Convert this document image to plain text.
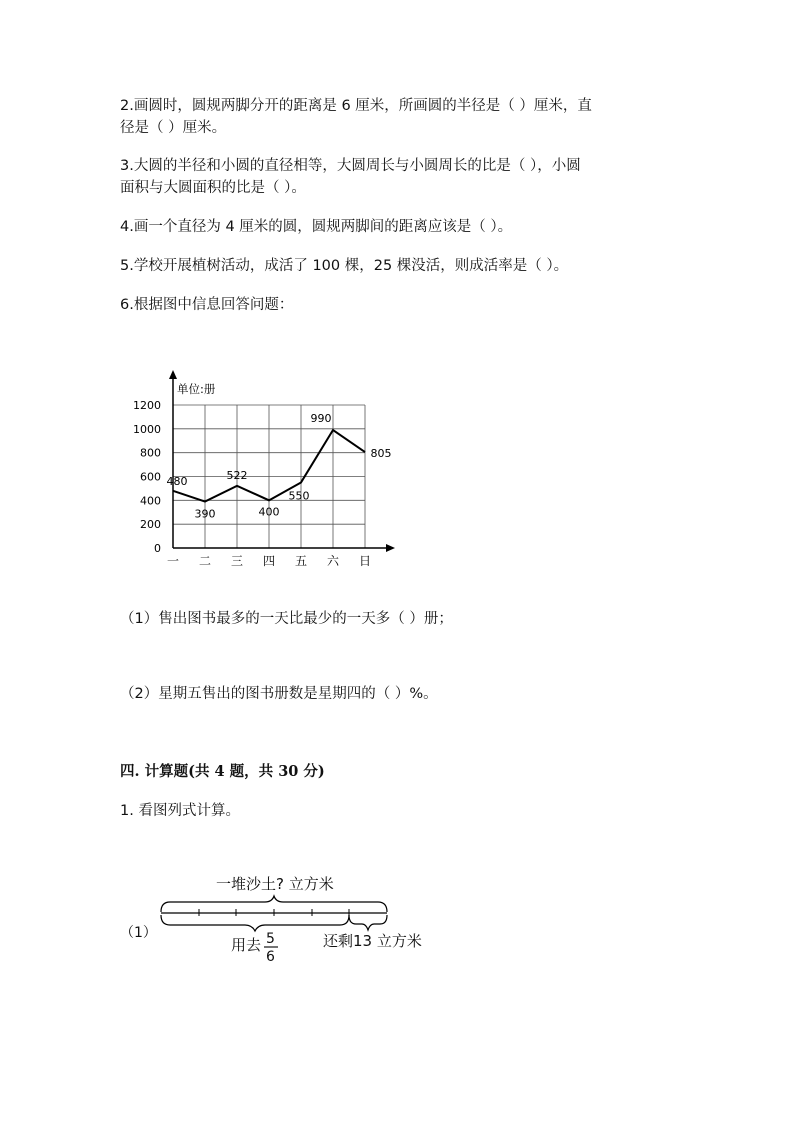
2.画圆时，圆规两脚分开的距离是 6 厘米，所画圆的半径是（ ）厘米，直
径是（ ）厘米。
3.大圆的半径和小圆的直径相等，大圆周长与小圆周长的比是（ ），小圆
面积与大圆面积的比是（ ）。
4.画一个直径为 4 厘米的圆，圆规两脚间的距离应该是（ ）。
5.学校开展植树活动，成活了 100 棵，25 棵没活，则成活率是（ ）。
6.根据图中信息回答问题：
单位:册
0
200
400
600
800
1000
1200
一 二 三 四 五 六 日
480
390
522
400
550
990
805
（1）售出图书最多的一天比最少的一天多（ ）册；
（2）星期五售出的图书册数是星期四的（ ）%。
四. 计算题(共 4 题，共 30 分)
1. 看图列式计算。
一堆沙土? 立方米
（1）
用去 5
6
还剩13 立方米
